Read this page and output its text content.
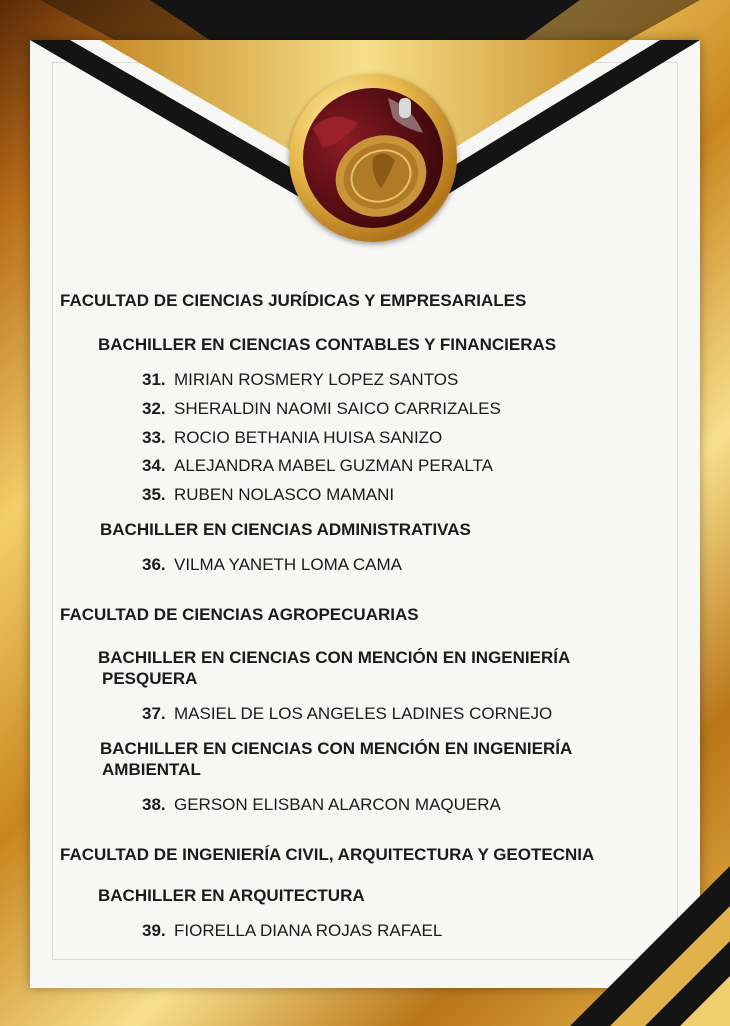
FACULTAD DE CIENCIAS JURÍDICAS Y EMPRESARIALES
BACHILLER EN CIENCIAS CONTABLES Y FINANCIERAS
31. MIRIAN ROSMERY LOPEZ SANTOS
32. SHERALDIN NAOMI SAICO CARRIZALES
33. ROCIO BETHANIA HUISA SANIZO
34. ALEJANDRA MABEL GUZMAN PERALTA
35. RUBEN NOLASCO MAMANI
BACHILLER EN CIENCIAS ADMINISTRATIVAS
36. VILMA YANETH LOMA CAMA
FACULTAD DE CIENCIAS AGROPECUARIAS
BACHILLER EN CIENCIAS CON MENCIÓN EN INGENIERÍA
PESQUERA
37. MASIEL DE LOS ANGELES LADINES CORNEJO
BACHILLER EN CIENCIAS CON MENCIÓN EN INGENIERÍA
AMBIENTAL
38. GERSON ELISBAN ALARCON MAQUERA
FACULTAD DE INGENIERÍA CIVIL, ARQUITECTURA Y GEOTECNIA
BACHILLER EN ARQUITECTURA
39. FIORELLA DIANA ROJAS RAFAEL
